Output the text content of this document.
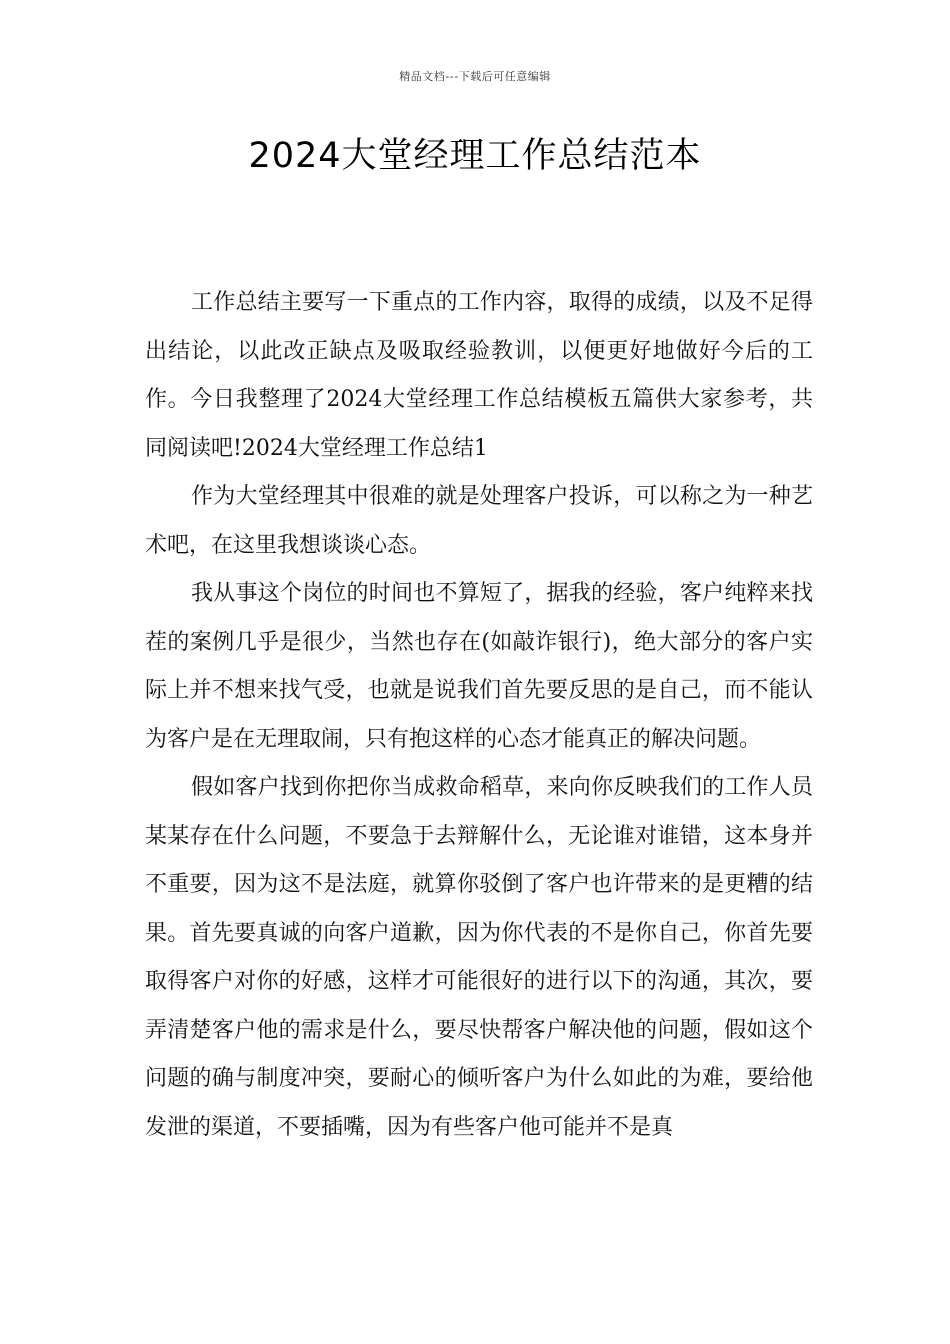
精品文档---下载后可任意编辑
2024大堂经理工作总结范本

工作总结主要写一下重点的工作内容，取得的成绩，以及不足得出结论，以此改正缺点及吸取经验教训，以便更好地做好今后的工作。今日我整理了2024大堂经理工作总结模板五篇供大家参考，共同阅读吧!2024大堂经理工作总结1

作为大堂经理其中很难的就是处理客户投诉，可以称之为一种艺术吧，在这里我想谈谈心态。

我从事这个岗位的时间也不算短了，据我的经验，客户纯粹来找茬的案例几乎是很少，当然也存在(如敲诈银行)，绝大部分的客户实际上并不想来找气受，也就是说我们首先要反思的是自己，而不能认为客户是在无理取闹，只有抱这样的心态才能真正的解决问题。

假如客户找到你把你当成救命稻草，来向你反映我们的工作人员某某存在什么问题，不要急于去辩解什么，无论谁对谁错，这本身并不重要，因为这不是法庭，就算你驳倒了客户也许带来的是更糟的结果。首先要真诚的向客户道歉，因为你代表的不是你自己，你首先要取得客户对你的好感，这样才可能很好的进行以下的沟通，其次，要弄清楚客户他的需求是什么，要尽快帮客户解决他的问题，假如这个问题的确与制度冲突，要耐心的倾听客户为什么如此的为难，要给他发泄的渠道，不要插嘴，因为有些客户他可能并不是真
